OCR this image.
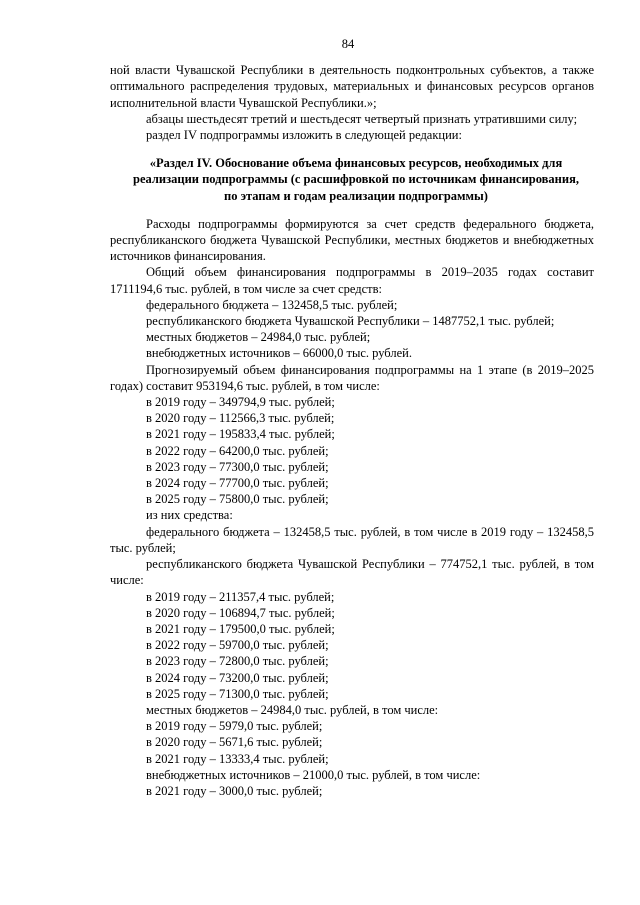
84

ной власти Чувашской Республики в деятельность подконтрольных субъектов, а также оптимального распределения трудовых, материальных и финансовых ресурсов органов исполнительной власти Чувашской Республики.»;

абзацы шестьдесят третий и шестьдесят четвертый признать утратившими силу;

раздел IV подпрограммы изложить в следующей редакции:

«Раздел IV. Обоснование объема финансовых ресурсов, необходимых для реализации подпрограммы (с расшифровкой по источникам финансирования, по этапам и годам реализации подпрограммы)

Расходы подпрограммы формируются за счет средств федерального бюджета, республиканского бюджета Чувашской Республики, местных бюджетов и внебюджетных источников финансирования.

Общий объем финансирования подпрограммы в 2019–2035 годах составит 1711194,6 тыс. рублей, в том числе за счет средств:

федерального бюджета – 132458,5 тыс. рублей;

республиканского бюджета Чувашской Республики – 1487752,1 тыс. рублей;

местных бюджетов – 24984,0 тыс. рублей;

внебюджетных источников – 66000,0 тыс. рублей.

Прогнозируемый объем финансирования подпрограммы на 1 этапе (в 2019–2025 годах) составит 953194,6 тыс. рублей, в том числе:

в 2019 году – 349794,9 тыс. рублей;

в 2020 году – 112566,3 тыс. рублей;

в 2021 году – 195833,4 тыс. рублей;

в 2022 году – 64200,0 тыс. рублей;

в 2023 году – 77300,0 тыс. рублей;

в 2024 году – 77700,0 тыс. рублей;

в 2025 году – 75800,0 тыс. рублей;

из них средства:

федерального бюджета – 132458,5 тыс. рублей, в том числе в 2019 году – 132458,5 тыс. рублей;

республиканского бюджета Чувашской Республики – 774752,1 тыс. рублей, в том числе:

в 2019 году – 211357,4 тыс. рублей;

в 2020 году – 106894,7 тыс. рублей;

в 2021 году – 179500,0 тыс. рублей;

в 2022 году – 59700,0 тыс. рублей;

в 2023 году – 72800,0 тыс. рублей;

в 2024 году – 73200,0 тыс. рублей;

в 2025 году – 71300,0 тыс. рублей;

местных бюджетов – 24984,0 тыс. рублей, в том числе:

в 2019 году – 5979,0 тыс. рублей;

в 2020 году – 5671,6 тыс. рублей;

в 2021 году – 13333,4 тыс. рублей;

внебюджетных источников – 21000,0 тыс. рублей, в том числе:

в 2021 году – 3000,0 тыс. рублей;
